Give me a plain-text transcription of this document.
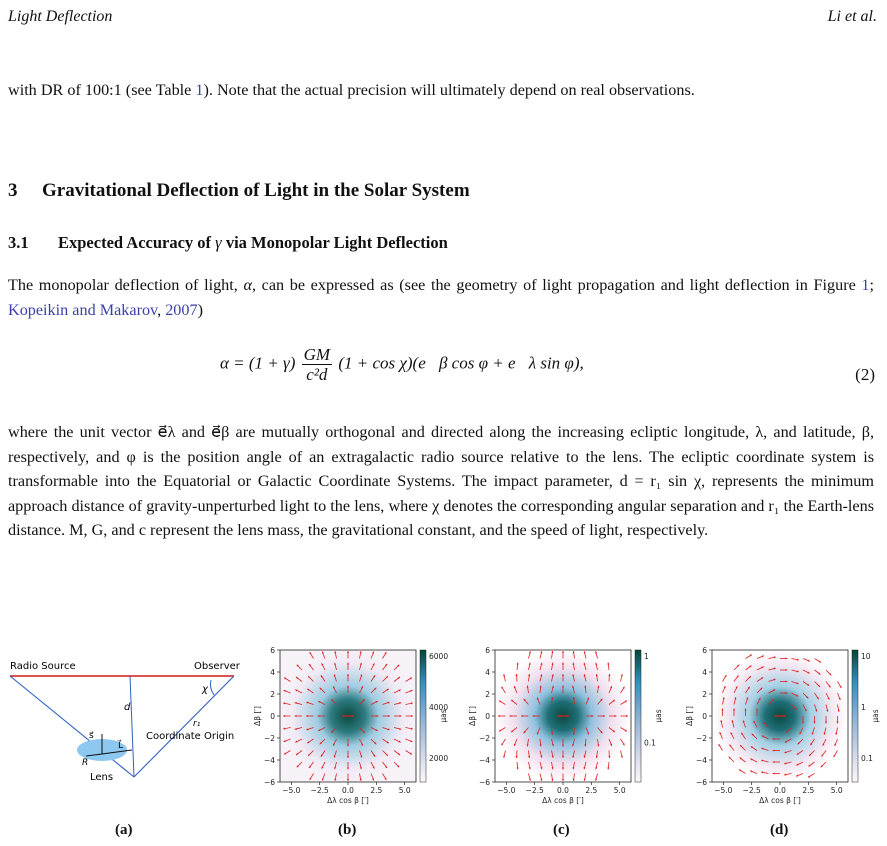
Light Deflection	Li et al.
with DR of 100:1 (see Table 1). Note that the actual precision will ultimately depend on real observations.
3 Gravitational Deflection of Light in the Solar System
3.1 Expected Accuracy of γ via Monopolar Light Deflection
The monopolar deflection of light, α, can be expressed as (see the geometry of light propagation and light deflection in Figure 1; Kopeikin and Makarov, 2007)
$\alpha = (1 + \gamma) \frac{GM}{\text{c²d}} (1 + \cos$ χ)(e⃗β cos φ + e⃗λ sin φ),
(2)
where the unit vector e⃗λ and e⃗β are mutually orthogonal and directed along the increasing ecliptic longitude, λ, and latitude, β, respectively, and φ is the position angle of an extragalactic radio source relative to the lens. The ecliptic coordinate system is transformable into the Equatorial or Galactic Coordinate Systems. The impact parameter, d = r₁ sin χ, represents the minimum approach distance of gravity-unperturbed light to the lens, where χ denotes the corresponding angular separation and r₁ the Earth-lens distance. M, G, and c represent the lens mass, the gravitational constant, and the speed of light, respectively.
Radio Source	Observer
d
r₁
χ
s⃗
L⃗
R
Coordinate Origin
Lens
6
4
2
0
−2
−4
−6
−5.0 −2.5 0.0 2.5 5.0
Δλ cos β [′]
Δβ [′]
6000
4000
2000
μas
6
4
2
0
−2
−4
−6
−5.0 −2.5 0.0 2.5 5.0
Δλ cos β [′]
Δβ [′]
1
0.1
μas
6
4
2
0
−2
−4
−6
−5.0 −2.5 0.0 2.5 5.0
Δλ cos β [′]
Δβ [′]
10
1
0.1
μas
(a)	(b)	(c)	(d)
